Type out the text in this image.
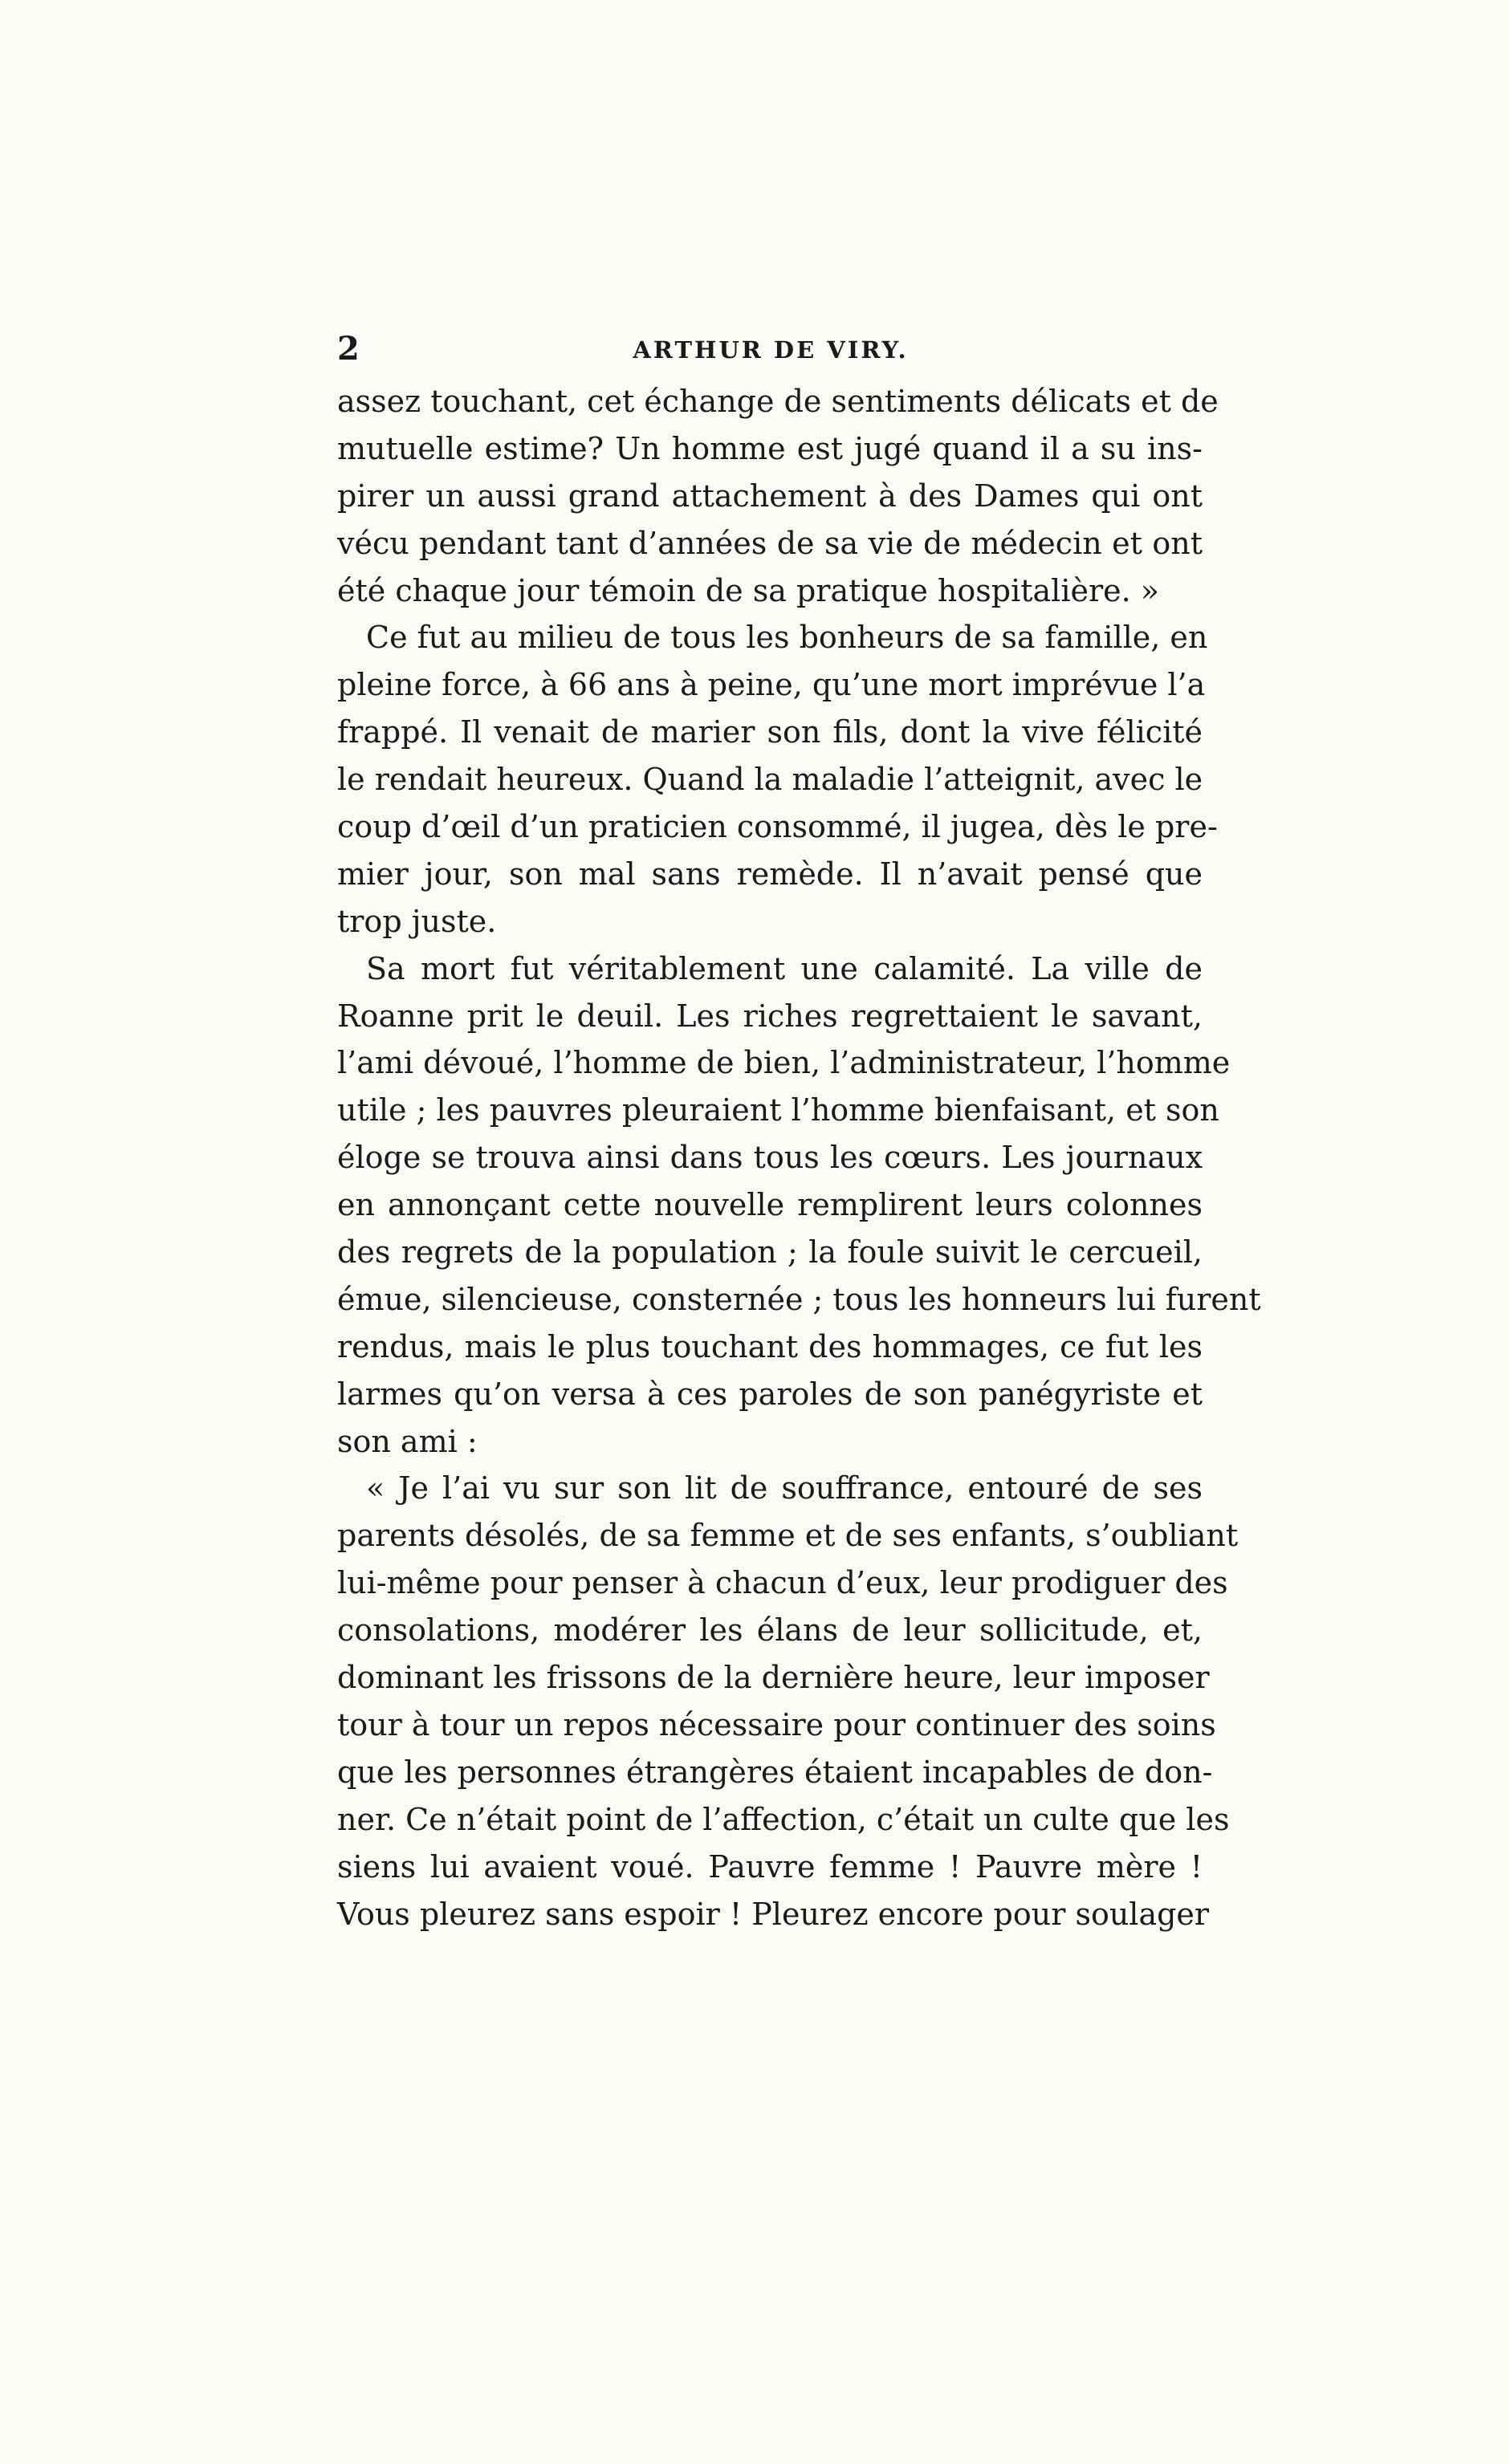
2	ARTHUR DE VIRY.
assez touchant, cet échange de sentiments délicats et de
mutuelle estime? Un homme est jugé quand il a su ins-
pirer un aussi grand attachement à des Dames qui ont
vécu pendant tant d’années de sa vie de médecin et ont
été chaque jour témoin de sa pratique hospitalière. »
Ce fut au milieu de tous les bonheurs de sa famille, en
pleine force, à 66 ans à peine, qu’une mort imprévue l’a
frappé. Il venait de marier son fils, dont la vive félicité
le rendait heureux. Quand la maladie l’atteignit, avec le
coup d’œil d’un praticien consommé, il jugea, dès le pre-
mier jour, son mal sans remède. Il n’avait pensé que
trop juste.
Sa mort fut véritablement une calamité. La ville de
Roanne prit le deuil. Les riches regrettaient le savant,
l’ami dévoué, l’homme de bien, l’administrateur, l’homme
utile ; les pauvres pleuraient l’homme bienfaisant, et son
éloge se trouva ainsi dans tous les cœurs. Les journaux
en annonçant cette nouvelle remplirent leurs colonnes
des regrets de la population ; la foule suivit le cercueil,
émue, silencieuse, consternée ; tous les honneurs lui furent
rendus, mais le plus touchant des hommages, ce fut les
larmes qu’on versa à ces paroles de son panégyriste et
son ami :
« Je l’ai vu sur son lit de souffrance, entouré de ses
parents désolés, de sa femme et de ses enfants, s’oubliant
lui-même pour penser à chacun d’eux, leur prodiguer des
consolations, modérer les élans de leur sollicitude, et,
dominant les frissons de la dernière heure, leur imposer
tour à tour un repos nécessaire pour continuer des soins
que les personnes étrangères étaient incapables de don-
ner. Ce n’était point de l’affection, c’était un culte que les
siens lui avaient voué. Pauvre femme ! Pauvre mère !
Vous pleurez sans espoir ! Pleurez encore pour soulager
